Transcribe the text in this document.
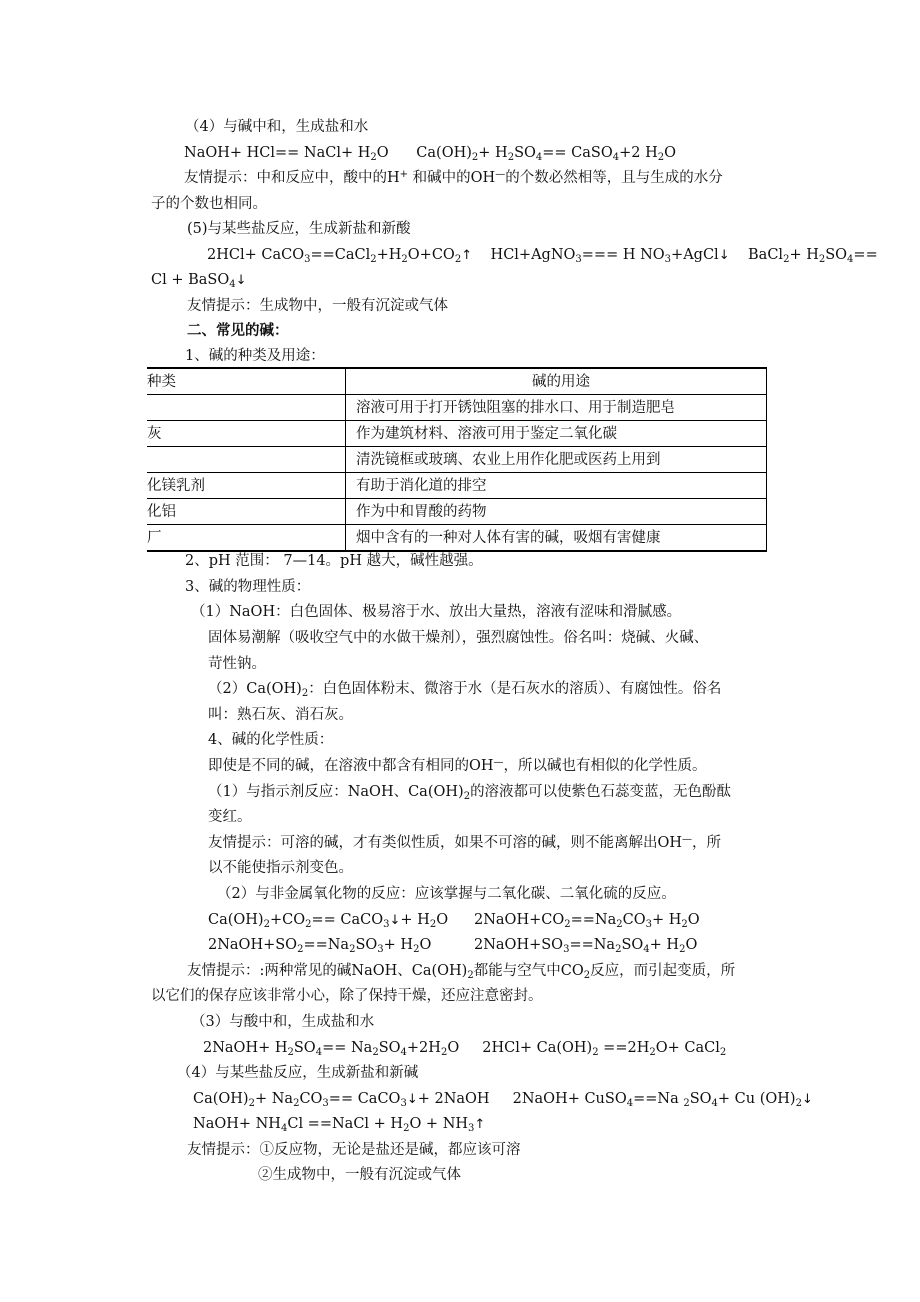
（4）与碱中和，生成盐和水
NaOH+ HCl== NaCl+ $H_2O$      $Ca(OH)_2+ H_2SO_4==$ CaSO$_4$+2 $H_2O$
友情提示：中和反应中，酸中的H+ 和碱中的OH—的个数必然相等，且与生成的水分
子的个数也相同。
(5)与某些盐反应，生成新盐和新酸
$2HCl+ CaCO_3==CaCl_2+H_2O+CO_2↑$    HCl+AgNO$_3$=== H $NO_3+AgCl↓$    BaCl$_2$+ $H_2SO_4==$
Cl + BaSO$_4$↓
友情提示：生成物中，一般有沉淀或气体
二、常见的碱：
1、碱的种类及用途：
种类	碱的用途
	溶液可用于打开锈蚀阻塞的排水口、用于制造肥皂
灰	作为建筑材料、溶液可用于鉴定二氧化碳
	清洗镜框或玻璃、农业上用作化肥或医药上用到
化镁乳剂	有助于消化道的排空
化铝	作为中和胃酸的药物
厂	烟中含有的一种对人体有害的碱，吸烟有害健康
2、pH 范围： 7—14。pH 越大，碱性越强。
3、碱的物理性质：
（1）NaOH：白色固体、极易溶于水、放出大量热，溶液有涩味和滑腻感。
固体易潮解（吸收空气中的水做干燥剂），强烈腐蚀性。俗名叫：烧碱、火碱、
苛性钠。
$(2)Ca(OH)_2$：白色固体粉末、微溶于水（是石灰水的溶质）、有腐蚀性。俗名
叫：熟石灰、消石灰。
4、碱的化学性质：
即使是不同的碱，在溶液中都含有相同的OH—，所以碱也有相似的化学性质。
（1）与指示剂反应：NaOH、$Ca(OH)_2$的溶液都可以使紫色石蕊变蓝，无色酚酞
变红。
友情提示：可溶的碱，才有类似性质，如果不可溶的碱，则不能离解出OH—，所
以不能使指示剂变色。
（2）与非金属氧化物的反应：应该掌握与二氧化碳、二氧化硫的反应。
$Ca(OH)_2+CO_2==$ CaCO$_3$↓+ $H_2O$ $2NaOH+CO_2==Na_2CO_3+ H_2O$
$2NaOH+SO_2==Na_2SO_3+ H_2O$	$2NaOH+SO_3==Na_2SO_4+ H_2O$
友情提示：:两种常见的碱NaOH、$Ca(OH)_2$都能与空气中$CO_2$反应，而引起变质，所
以它们的保存应该非常小心，除了保持干燥，还应注意密封。
（3）与酸中和，生成盐和水
2NaOH+ $H_2SO_4== Na_2SO_4+2H_2O$     $2HCl+ Ca(OH)_2 ==2H_2O+$ CaCl$_2$
（4）与某些盐反应，生成新盐和新碱
$Ca(OH)_2+ Na_2CO_3==$ CaCO$_3$↓+ 2NaOH     2NaOH+ CuSO$_4$==Na $_2SO_4+ Cu$ $(OH)_2↓$
NaOH+ $NH_4Cl$ ==NaCl + $H_2O$ + $NH_3↑$
友情提示：①反应物，无论是盐还是碱，都应该可溶
②生成物中，一般有沉淀或气体
